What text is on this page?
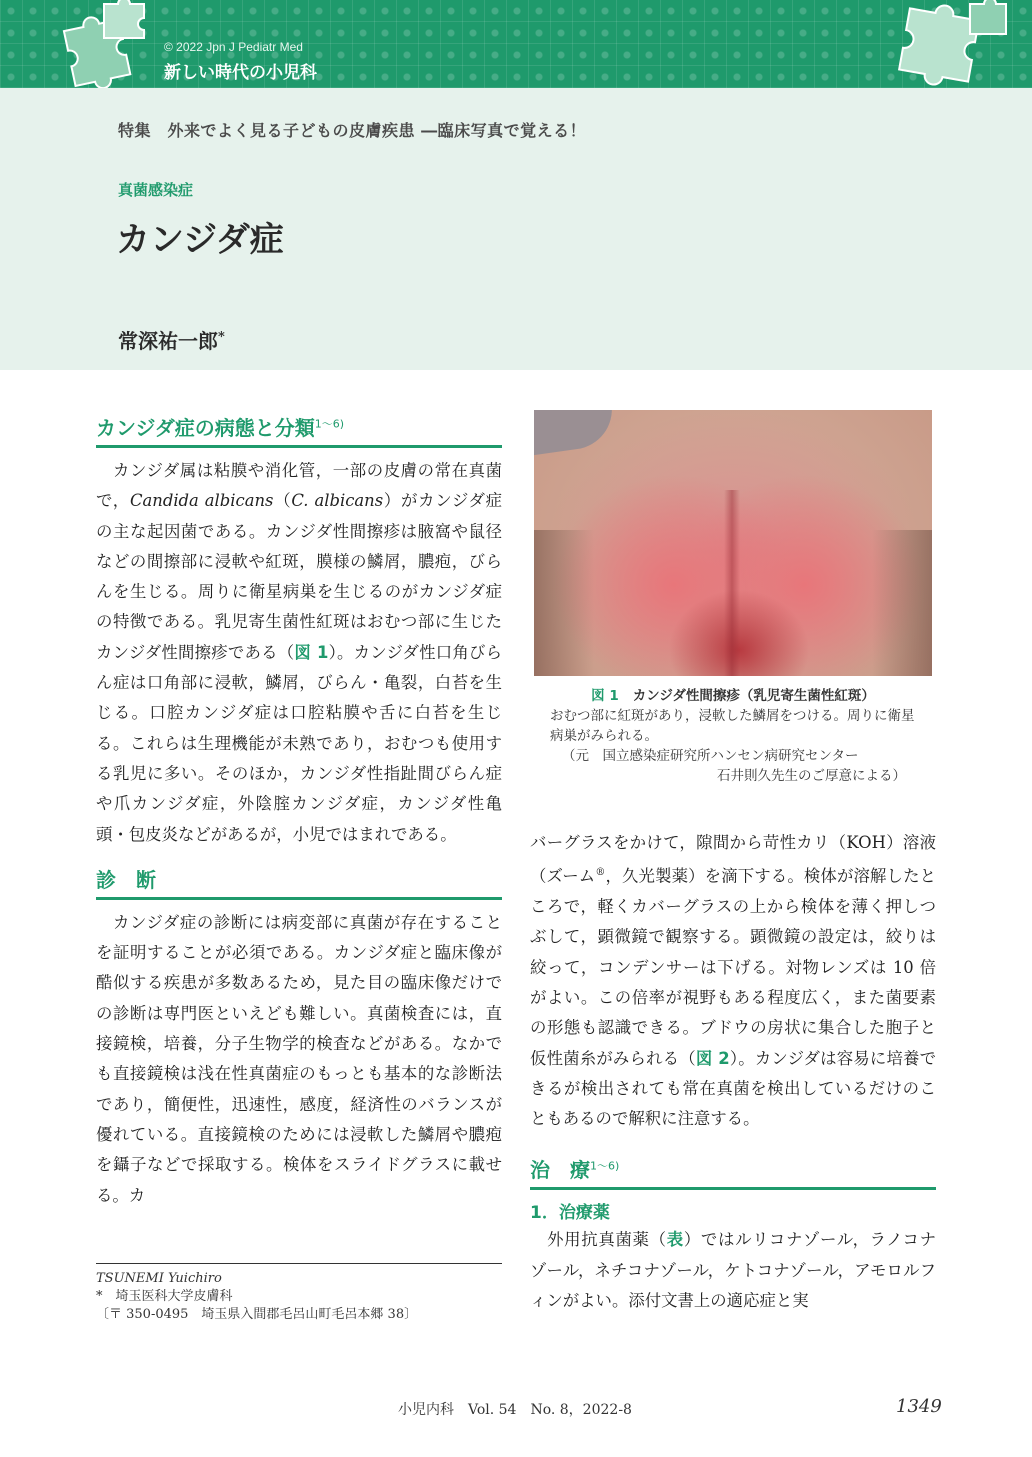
© 2022 Jpn J Pediatr Med
新しい時代の小児科
特集　外来でよく見る子どもの皮膚疾患 ―臨床写真で覚える！
真菌感染症
カンジダ症
常深祐一郎*
カンジダ症の病態と分類$^{1\sim 6)}$

カンジダ属は粘膜や消化管，一部の皮膚の常在真菌で，Candida albicans（C. albicans）がカンジダ症の主な起因菌である。カンジダ性間擦疹は腋窩や鼠径などの間擦部に浸軟や紅斑，膜様の鱗屑，膿疱，びらんを生じる。周りに衛星病巣を生じるのがカンジダ症の特徴である。乳児寄生菌性紅斑はおむつ部に生じたカンジダ性間擦疹である（図 1）。カンジダ性口角びらん症は口角部に浸軟，鱗屑，びらん・亀裂，白苔を生じる。口腔カンジダ症は口腔粘膜や舌に白苔を生じる。これらは生理機能が未熟であり，おむつも使用する乳児に多い。そのほか，カンジダ性指趾間びらん症や爪カンジダ症，外陰腟カンジダ症，カンジダ性亀頭・包皮炎などがあるが，小児ではまれである。

診　断

カンジダ症の診断には病変部に真菌が存在することを証明することが必須である。カンジダ症と臨床像が酷似する疾患が多数あるため，見た目の臨床像だけでの診断は専門医といえども難しい。真菌検査には，直接鏡検，培養，分子生物学的検査などがある。なかでも直接鏡検は浅在性真菌症のもっとも基本的な診断法であり，簡便性，迅速性，感度，経済性のバランスが優れている。直接鏡検のためには浸軟した鱗屑や膿疱を鑷子などで採取する。検体をスライドグラスに載せる。カ

図 1 カンジダ性間擦疹（乳児寄生菌性紅斑）
おむつ部に紅斑があり，浸軟した鱗屑をつける。周りに衛星病巣がみられる。
（元　国立感染症研究所ハンセン病研究センター
石井則久先生のご厚意による）

バーグラスをかけて，隙間から苛性カリ（KOH）溶液（ズーム®，久光製薬）を滴下する。検体が溶解したところで，軽くカバーグラスの上から検体を薄く押しつぶして，顕微鏡で観察する。顕微鏡の設定は，絞りは絞って，コンデンサーは下げる。対物レンズは 10 倍がよい。この倍率が視野もある程度広く，また菌要素の形態も認識できる。ブドウの房状に集合した胞子と仮性菌糸がみられる（図 2）。カンジダは容易に培養できるが検出されても常在真菌を検出しているだけのこともあるので解釈に注意する。

治　療$^{1\sim 6)}$
1．治療薬

外用抗真菌薬（表）ではルリコナゾール，ラノコナゾール，ネチコナゾール，ケトコナゾール，アモロルフィンがよい。添付文書上の適応症と実

TSUNEMI Yuichiro
*　埼玉医科大学皮膚科
〔〒 350-0495　埼玉県入間郡毛呂山町毛呂本郷 38〕
小児内科　Vol. 54　No. 8，2022-8	1349
